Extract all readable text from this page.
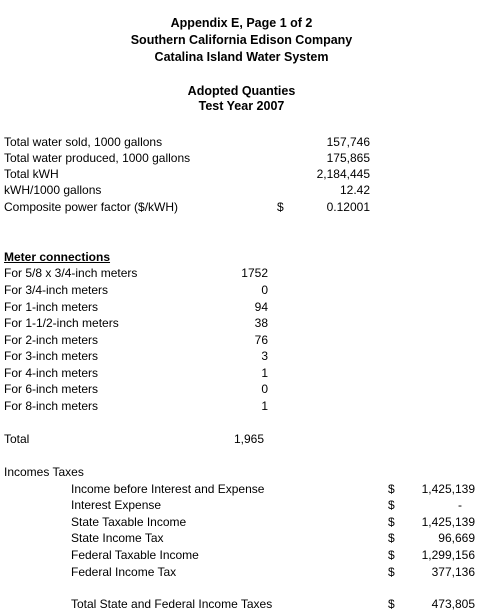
Appendix E, Page 1 of 2
Southern California Edison Company
Catalina Island Water System
Adopted Quanties
Test Year 2007
Total water sold, 1000 gallons	157,746
Total water produced, 1000 gallons	175,865
Total kWH	2,184,445
kWH/1000 gallons	12.42
Composite power factor ($/kWH)	$	0.12001
Meter connections
For 5/8 x 3/4-inch meters	1752
For 3/4-inch meters	0
For 1-inch meters	94
For 1-1/2-inch meters	38
For 2-inch meters	76
For 3-inch meters	3
For 4-inch meters	1
For 6-inch meters	0
For 8-inch meters	1
Total	1,965
Incomes Taxes
Income before Interest and Expense	$	1,425,139
Interest Expense	$	-
State Taxable Income	$	1,425,139
State Income Tax	$	96,669
Federal Taxable Income	$	1,299,156
Federal Income Tax	$	377,136
Total State and Federal Income Taxes	$	473,805
